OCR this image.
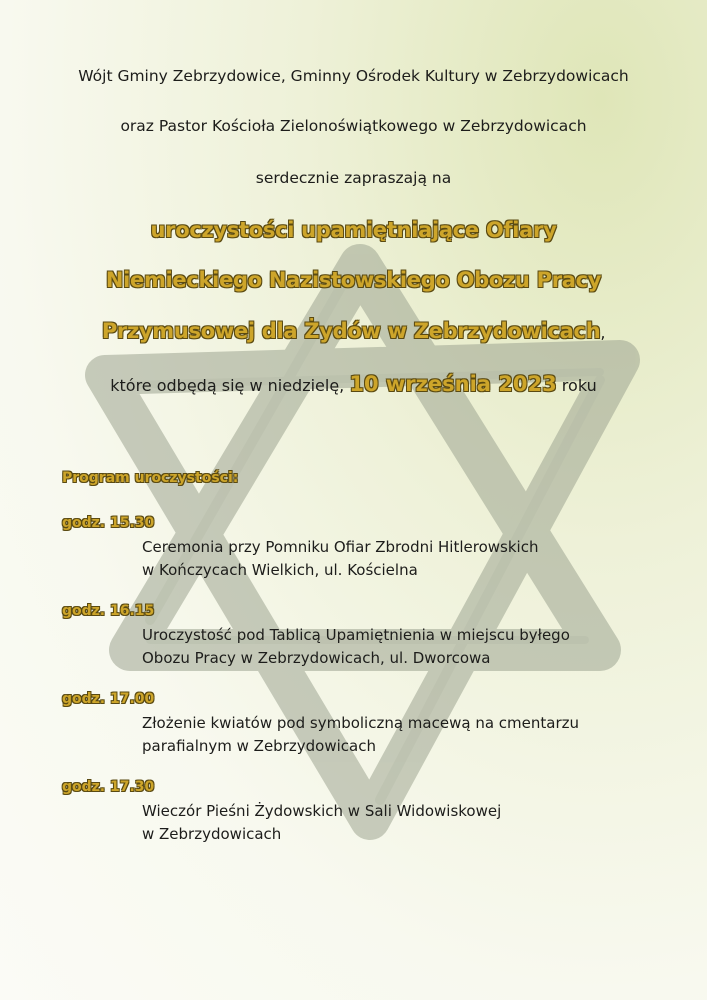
Wójt Gminy Zebrzydowice, Gminny Ośrodek Kultury w Zebrzydowicach
oraz Pastor Kościoła Zielonoświątkowego w Zebrzydowicach
serdecznie zapraszają na
uroczystości upamiętniające Ofiary
Niemieckiego Nazistowskiego Obozu Pracy
Przymusowej dla Żydów w Zebrzydowicach,
które odbędą się w niedzielę, 10 września 2023 roku
Program uroczystości:
godz. 15.30
Ceremonia przy Pomniku Ofiar Zbrodni Hitlerowskich
w Kończycach Wielkich, ul. Kościelna
godz. 16.15
Uroczystość pod Tablicą Upamiętnienia w miejscu byłego
Obozu Pracy w Zebrzydowicach, ul. Dworcowa
godz. 17.00
Złożenie kwiatów pod symboliczną macewą na cmentarzu
parafialnym w Zebrzydowicach
godz. 17.30
Wieczór Pieśni Żydowskich w Sali Widowiskowej
w Zebrzydowicach
